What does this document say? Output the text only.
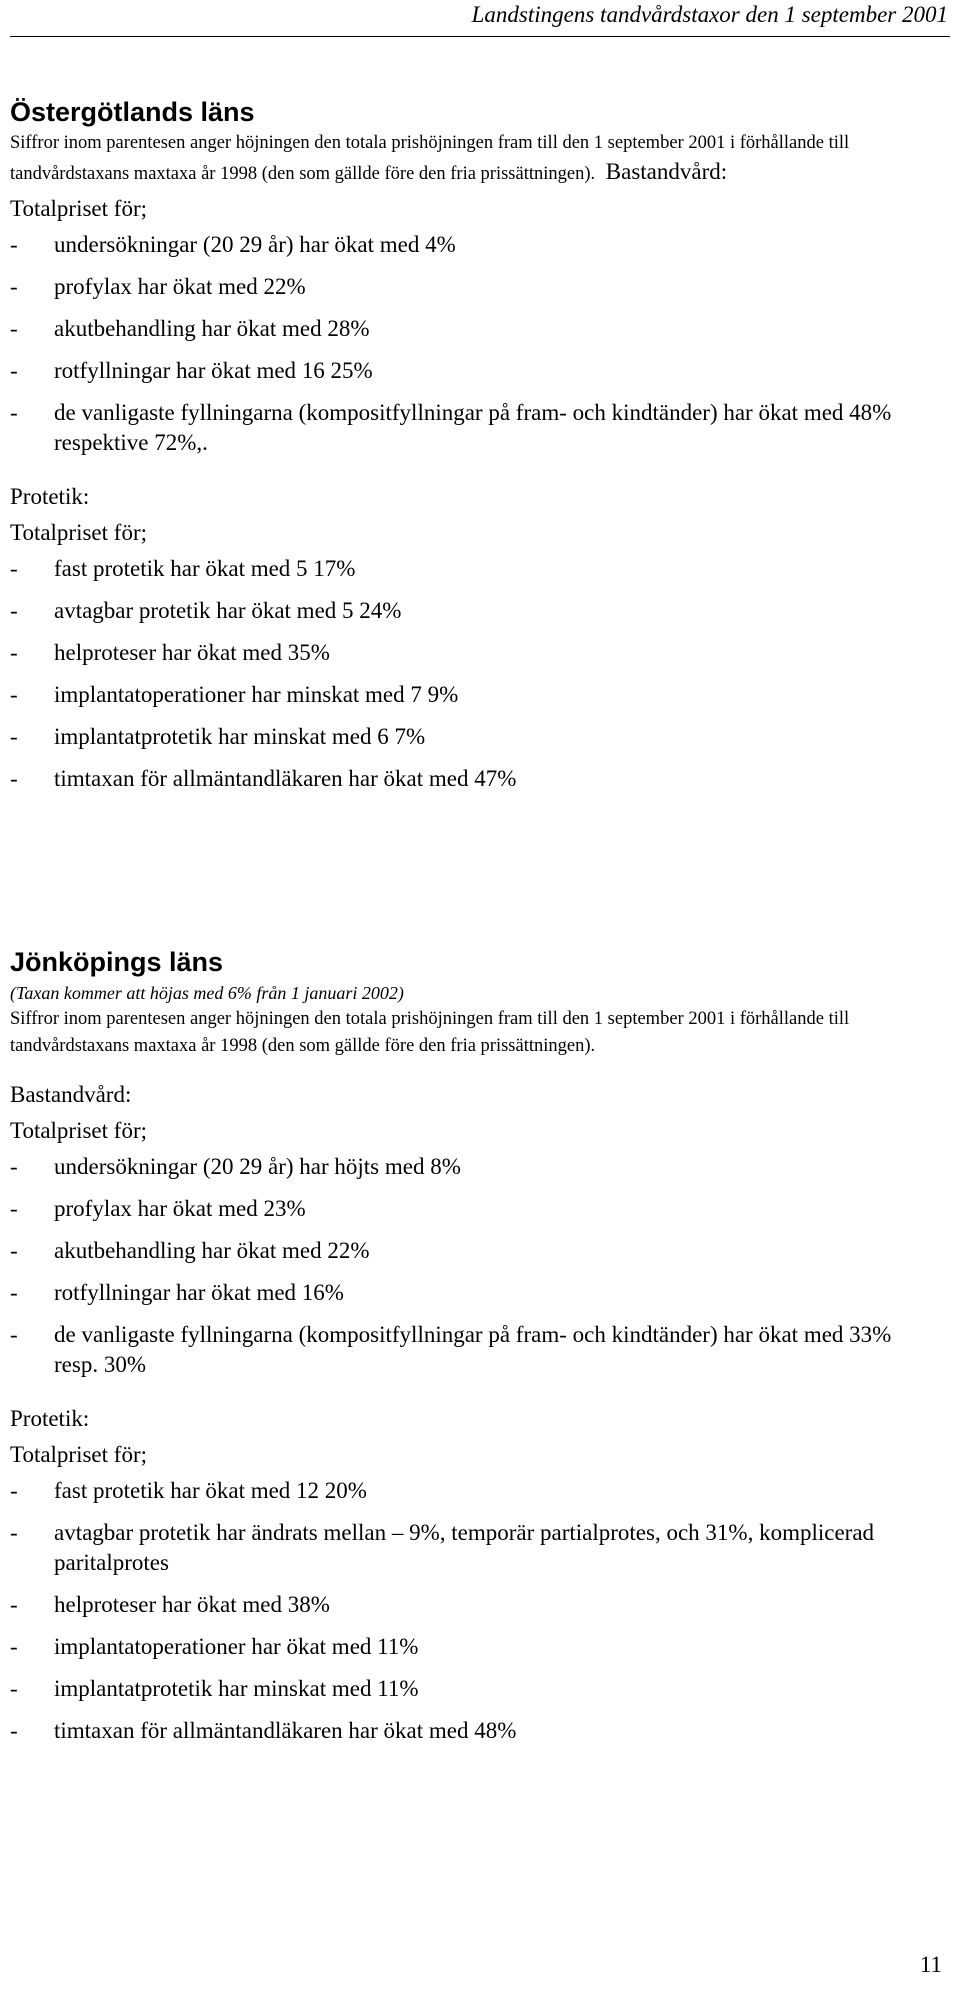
Landstingens tandvårdstaxor den 1 september 2001
Östergötlands läns
Siffror inom parentesen anger höjningen den totala prishöjningen fram till den 1 september 2001 i förhållande till tandvårdstaxans maxtaxa år 1998 (den som gällde före den fria prissättningen). Bastandvård:
Totalpriset för;
-	undersökningar (20 29 år) har ökat med 4%
-	profylax har ökat med 22%
-	akutbehandling har ökat med 28%
-	rotfyllningar har ökat med 16 25%
-	de vanligaste fyllningarna (kompositfyllningar på fram- och kindtänder) har ökat med 48% respektive 72%,.
Protetik:
Totalpriset för;
-	fast protetik har ökat med 5 17%
-	avtagbar protetik har ökat med 5 24%
-	helproteser har ökat med 35%
-	implantatoperationer har minskat med 7 9%
-	implantatprotetik har minskat med 6 7%
-	timtaxan för allmäntandläkaren har ökat med 47%
Jönköpings läns
(Taxan kommer att höjas med 6% från 1 januari 2002)
Siffror inom parentesen anger höjningen den totala prishöjningen fram till den 1 september 2001 i förhållande till tandvårdstaxans maxtaxa år 1998 (den som gällde före den fria prissättningen).
Bastandvård:
Totalpriset för;
-	undersökningar (20 29 år) har höjts med 8%
-	profylax har ökat med 23%
-	akutbehandling har ökat med 22%
-	rotfyllningar har ökat med 16%
-	de vanligaste fyllningarna (kompositfyllningar på fram- och kindtänder) har ökat med 33% resp. 30%
Protetik:
Totalpriset för;
-	fast protetik har ökat med 12 20%
-	avtagbar protetik har ändrats mellan – 9%, temporär partialprotes, och 31%, komplicerad paritalprotes
-	helproteser har ökat med 38%
-	implantatoperationer har ökat med 11%
-	implantatprotetik har minskat med 11%
-	timtaxan för allmäntandläkaren har ökat med 48%
11
